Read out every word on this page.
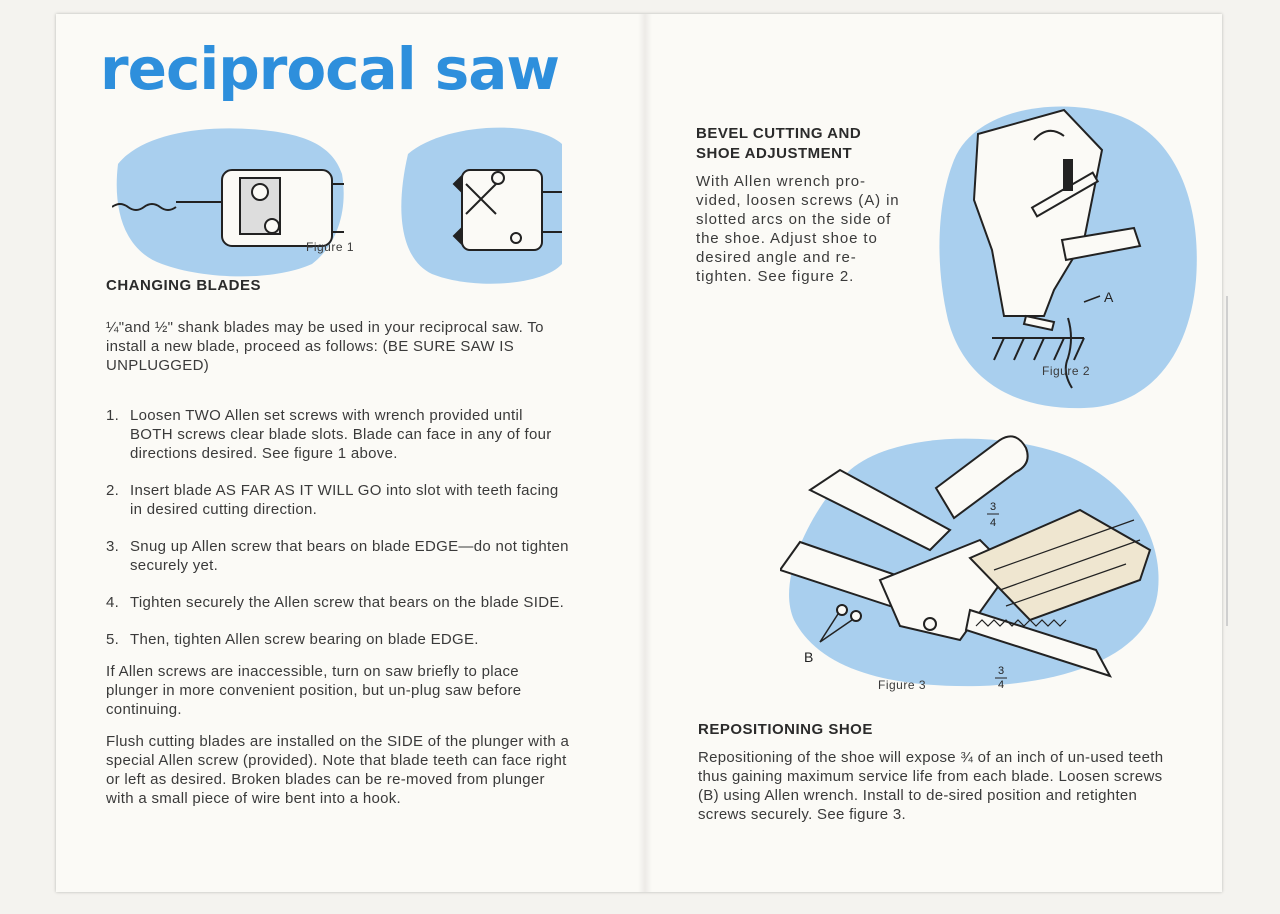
reciprocal saw
Figure 1
CHANGING BLADES

¼"and ½" shank blades may be used in your reciprocal saw. To install a new blade, proceed as follows: (BE SURE SAW IS UNPLUGGED)

1. Loosen TWO Allen set screws with wrench provided until BOTH screws clear blade slots. Blade can face in any of four directions desired. See figure 1 above.
2. Insert blade AS FAR AS IT WILL GO into slot with teeth facing in desired cutting direction.
3. Snug up Allen screw that bears on blade EDGE—do not tighten securely yet.
4. Tighten securely the Allen screw that bears on the blade SIDE.
5. Then, tighten Allen screw bearing on blade EDGE.

If Allen screws are inaccessible, turn on saw briefly to place plunger in more convenient position, but un-plug saw before continuing.

Flush cutting blades are installed on the SIDE of the plunger with a special Allen screw (provided). Note that blade teeth can face right or left as desired. Broken blades can be re-moved from plunger with a small piece of wire bent into a hook.

BEVEL CUTTING AND
SHOE ADJUSTMENT

With Allen wrench pro-vided, loosen screws (A) in slotted arcs on the side of the shoe. Adjust shoe to desired angle and re-tighten. See figure 2.

A
Figure 2
B
3
4
3
4
Figure 3
REPOSITIONING SHOE

Repositioning of the shoe will expose ¾ of an inch of un-used teeth thus gaining maximum service life from each blade. Loosen screws (B) using Allen wrench. Install to de-sired position and retighten screws securely. See figure 3.
